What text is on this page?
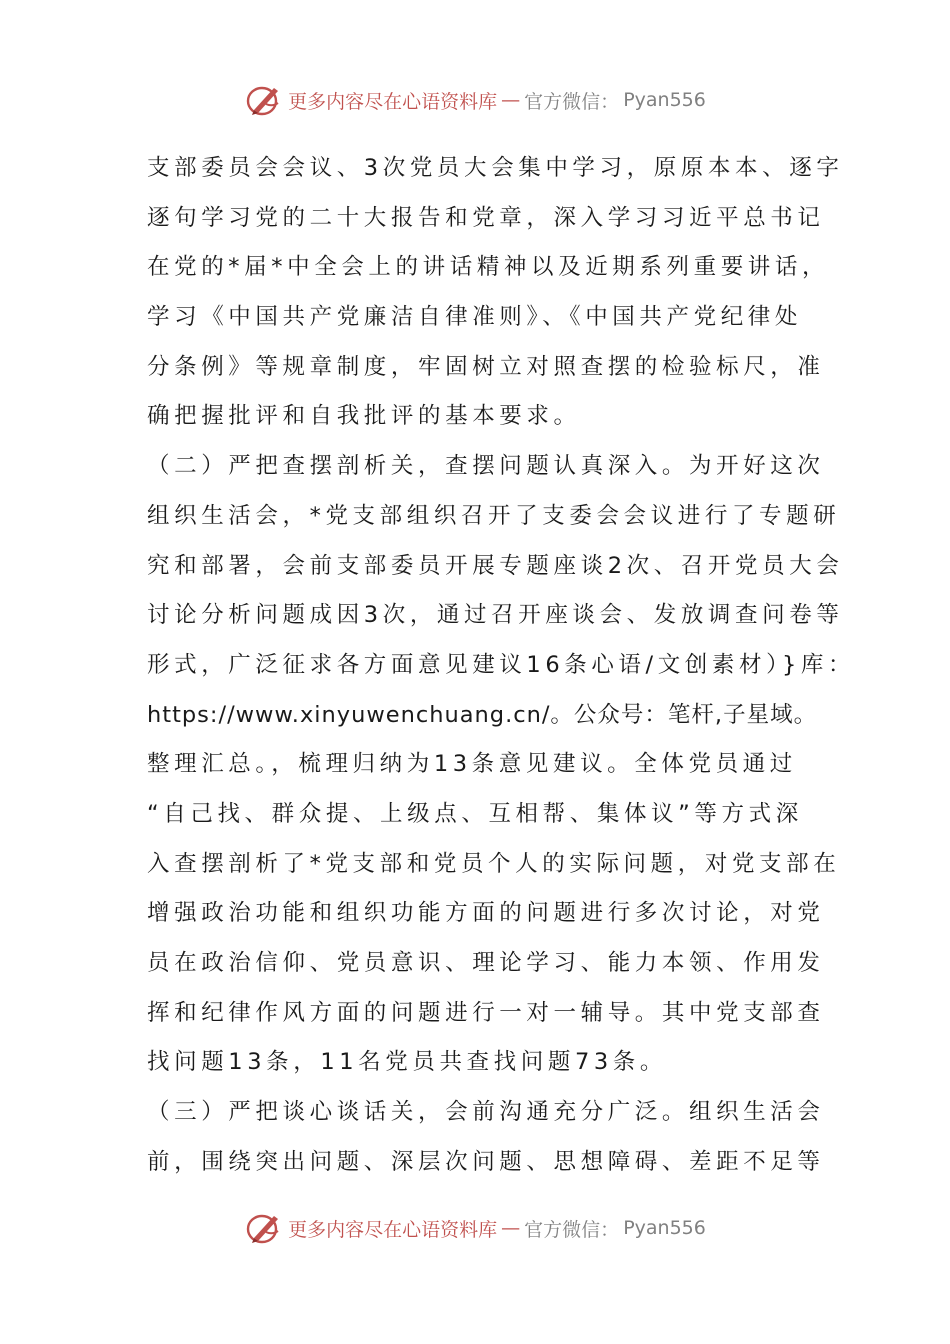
更多内容尽在心语资料库 — 官方微信： Pyan556
支部委员会会议、3次党员大会集中学习，原原本本、逐字
逐句学习党的二十大报告和党章，深入学习习近平总书记
在党的*届*中全会上的讲话精神以及近期系列重要讲话，
学习《中国共产党廉洁自律准则》、《中国共产党纪律处
分条例》等规章制度，牢固树立对照查摆的检验标尺，准
确把握批评和自我批评的基本要求。
（二）严把查摆剖析关，查摆问题认真深入。为开好这次
组织生活会，*党支部组织召开了支委会会议进行了专题研
究和部署，会前支部委员开展专题座谈2次、召开党员大会
讨论分析问题成因3次，通过召开座谈会、发放调查问卷等
形式，广泛征求各方面意见建议16条心语/文创素材）}库：
https://www.xinyuwenchuang.cn/。公众号：笔杆,子星域。
整理汇总。，梳理归纳为13条意见建议。全体党员通过
“自己找、群众提、上级点、互相帮、集体议”等方式深
入查摆剖析了*党支部和党员个人的实际问题，对党支部在
增强政治功能和组织功能方面的问题进行多次讨论，对党
员在政治信仰、党员意识、理论学习、能力本领、作用发
挥和纪律作风方面的问题进行一对一辅导。其中党支部查
找问题13条，11名党员共查找问题73条。
（三）严把谈心谈话关，会前沟通充分广泛。组织生活会
前，围绕突出问题、深层次问题、思想障碍、差距不足等
更多内容尽在心语资料库 — 官方微信： Pyan556
